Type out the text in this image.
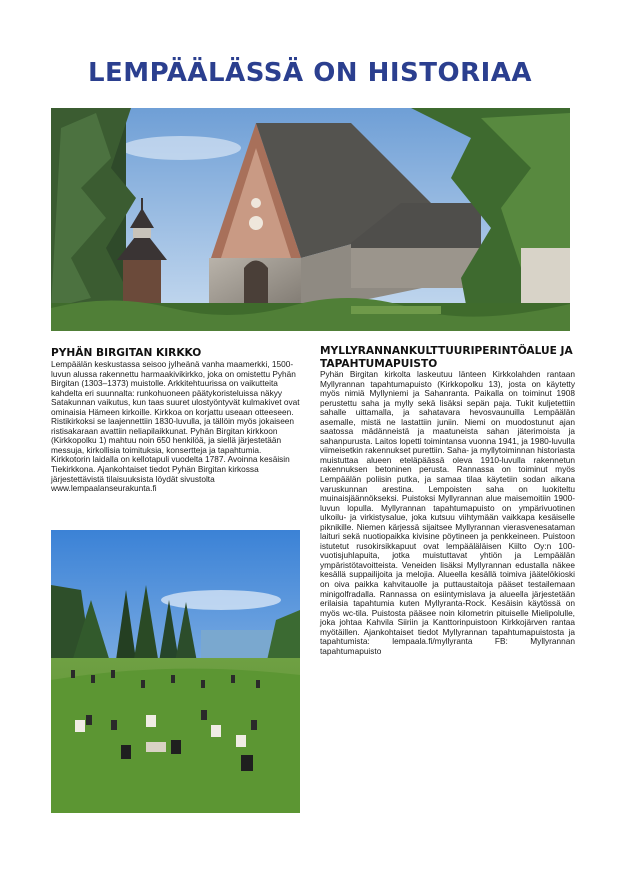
LEMPÄÄLÄSSÄ ON HISTORIAA
PYHÄN BIRGITAN KIRKKO

Lempäälän keskustassa seisoo jylheänä vanha maamerkki, 1500-luvun alussa rakennettu harmaakivikirkko, joka on omistettu Pyhän Birgitan (1303–1373) muistolle. Arkkitehtuurissa on vaikutteita kahdelta eri suunnalta: runkohuoneen päätykoristeluissa näkyy Satakunnan vaikutus, kun taas suuret ulostyöntyvät kulmakivet ovat ominaisia Hämeen kirkoille. Kirkkoa on korjattu useaan otteeseen. Ristikirkoksi se laajennettiin 1830-luvulla, ja tällöin myös jokaiseen ristisakaraan avattiin neliapilaikkunat. Pyhän Birgitan kirkkoon (Kirkkopolku 1) mahtuu noin 650 henkilöä, ja siellä järjestetään messuja, kirkollisia toimituksia, konsertteja ja tapahtumia. Kirkkotorin laidalla on kellotapuli vuodelta 1787. Avoinna kesäisin Tiekirkkona. Ajankohtaiset tiedot Pyhän Birgitan kirkossa järjestettävistä tilaisuuksista löydät sivustolta www.lempaalanseurakunta.fi

MYLLYRANNANKULTTUURIPERINTÖALUE JA TAPAHTUMAPUISTO

Pyhän Birgitan kirkolta laskeutuu länteen Kirkkolahden rantaan Myllyrannan tapahtumapuisto (Kirkkopolku 13), josta on käytetty myös nimiä Myllyniemi ja Sahanranta. Paikalla on toiminut 1908 perustettu saha ja mylly sekä lisäksi sepän paja. Tukit kuljetettiin sahalle uittamalla, ja sahatavara hevosvaunuilla Lempäälän asemalle, mistä ne lastattiin juniin. Niemi on muodostunut ajan saatossa mädänneistä ja maatuneista sahan jäterimoista ja sahanpurusta. Laitos lopetti toimintansa vuonna 1941, ja 1980-luvulla viimeisetkin rakennukset purettiin. Saha- ja myllytoiminnan historiasta muistuttaa alueen eteläpäässä oleva 1910-luvulla rakennetun rakennuksen betoninen perusta. Rannassa on toiminut myös Lempäälän poliisin putka, ja samaa tilaa käytetiin sodan aikana varuskunnan arestina. Lempoisten saha on luokiteltu muinaisjäännökseksi. Puistoksi Myllyrannan alue maisemoitiin 1900-luvun lopulla. Myllyrannan tapahtumapuisto on ympärivuotinen ulkoilu- ja virkistysalue, joka kutsuu viihtymään vaikkapa kesäiselle piknikille. Niemen kärjessä sijaitsee Myllyrannan vierasvenesataman laituri sekä nuotiopaikka kivisine pöytineen ja penkkeineen. Puistoon istutetut rusokirsikkapuut ovat lempääläläisen Kiilto Oy:n 100- vuotisjuhlapuita, jotka muistuttavat yhtiön ja Lempäälän ympäristötavoitteista. Veneiden lisäksi Myllyrannan edustalla näkee kesällä suppailijoita ja melojia. Alueella kesällä toimiva jäätelökioski on oiva paikka kahvitauolle ja puttaustaitoja pääset testailemaan minigolfradalla. Rannassa on esiintymislava ja alueella järjestetään erilaisia tapahtumia kuten Myllyranta-Rock. Kesäisin käytössä on myös wc-tila. Puistosta pääsee noin kilometrin pituiselle Mielipolulle, joka johtaa Kahvila Siiriin ja Kanttorinpuistoon Kirkkojärven rantaa myötäillen. Ajankohtaiset tiedot Myllyrannan tapahtumapuistosta ja tapahtumista: lempaala.fi/myllyranta FB: Myllyrannan tapahtumapuisto
